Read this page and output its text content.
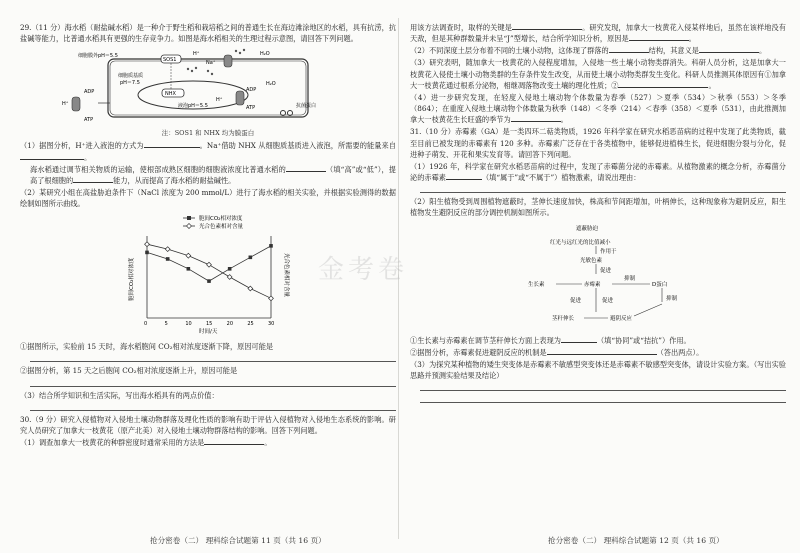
29.（11 分）海水稻（耐盐碱水稻）是一种介于野生稻和栽培稻之间的普通生长在海边滩涂地区的水稻，具有抗涝，抗盐碱等能力，比普通水稻具有更强的生存竞争力。如图是海水稻相关的生理过程示意图，请回答下列问题。

SOS1
NHX
细胞膜外pH＝5.5
细胞质基质
pH＝7.5
液泡pH＝5.5
H⁺
Na⁺
H₂O
H₂O
抗菌蛋白
ADP
ATP
ADP
ATP
H⁺
H⁺
注：SOS1 和 NHX 均为膜蛋白

（1）据图分析，H⁺进入液泡的方式为	。Na⁺借助 NHX 从细胞质基质进入液泡，所需要的能量来自。

海水稻通过调节相关物质的运输，使根部成熟区细胞的细胞液浓度比普通水稻的	（填“高”或“低”），提高了根细胞的	能力，从而提高了海水稻的耐盐碱性。

（2）某研究小组在高盐胁迫条件下（NaCl 浓度为 200 mmol/L）进行了海水稻的相关实验，并根据实验测得的数据绘制如图所示曲线。

0	5	10	15	20	25	30
时间/天
胞间CO₂相对浓度	光合色素相对含量
胞间CO₂相对浓度
光合色素相对含量

①据图所示，实验前 15 天时，海水稻胞间 CO₂相对浓度逐渐下降，原因可能是

②据图分析，第 15 天之后胞间 CO₂相对浓度逐渐上升，原因可能是

（3）结合所学知识和生活实际，写出海水稻具有的两点价值：

30.（9 分）研究入侵植物对入侵地土壤动物群落及理化性质的影响有助于评估入侵植物对入侵地生态系统的影响。研究人员研究了加拿大一枝黄花（原产北美）对入侵地土壤动物群落结构的影响。回答下列问题。

（1）调查加拿大一枝黄花的种群密度时通常采用的方法是	。

抢分密卷（二） 理科综合试题第 11 页（共 16 页）
金考卷

用该方法调查时，取样的关键是	。研究发现，加拿大一枝黄花入侵某样地后，虽然在该样地没有天敌，但是其种群数量并未呈“J”型增长，结合所学知识分析，原因是	。

（2）不同深度土层分布着不同的土壤小动物，这体现了群落的	结构，其意义是	。

（3）研究表明，随加拿大一枝黄花的入侵程度增加，入侵地一些土壤小动物类群消失。科研人员分析，这是加拿大一枝黄花入侵使土壤小动物类群的生存条件发生改变，从而使土壤小动物类群发生变化。科研人员推测其体原因有①加拿大一枝黄花通过根系分泌物，相继凋落物改变土壤的理化性质；②	。

（4）进一步研究发现，在轻度入侵地土壤动物个体数量为春季（527）＞夏季（534）＞秋季（553）＞冬季（864）；在重度入侵地土壤动物个体数量为秋季（148）＜冬季（214）＜春季（358）＜夏季（531），由此推测加拿大一枝黄花生长旺盛的季节为	。

31.（10 分）赤霉素（GA）是一类四环二萜类物质，1926 年科学家在研究水稻恶苗病的过程中发现了此类物质，截至目前已被发现的赤霉素有 120 多种。赤霉素广泛存在于各类植物中，能够促进植株生长，促进细胞分裂与分化，促进种子萌发、开花和果实发育等。请回答下列问题。

（1）1926 年，科学家在研究水稻恶苗病的过程中，发现了赤霉菌分泌的赤霉素。从植物激素的概念分析，赤霉菌分泌的赤霉素	（填“属于”或“不属于”）植物激素，请说出理由：

（2）阳生植物受到周围植物遮蔽时，茎伸长速度加快，株高和节间距增加，叶柄伸长，这种现象称为避阴反应，阳生植物发生避阴反应的部分调控机制如图所示。

遮蔽胁迫
红光与远红光的比值减小
作用于
光敏色素
促进
生长素	赤霉素	D蛋白
抑制
促进	促进	抑制
茎秆伸长	避阴反应

①生长素与赤霉素在调节茎秆伸长方面上表现为	（填“协同”或“拮抗”）作用。

②据图分析，赤霉素促进避阴反应的机制是	（答出两点）。

（3）为探究某种植物的矮生突变体是赤霉素不敏感型突变体还是赤霉素不敏感型突变体，请设计实验方案。（写出实验思路并预测实验结果及结论）

抢分密卷（二） 理科综合试题第 12 页（共 16 页）
